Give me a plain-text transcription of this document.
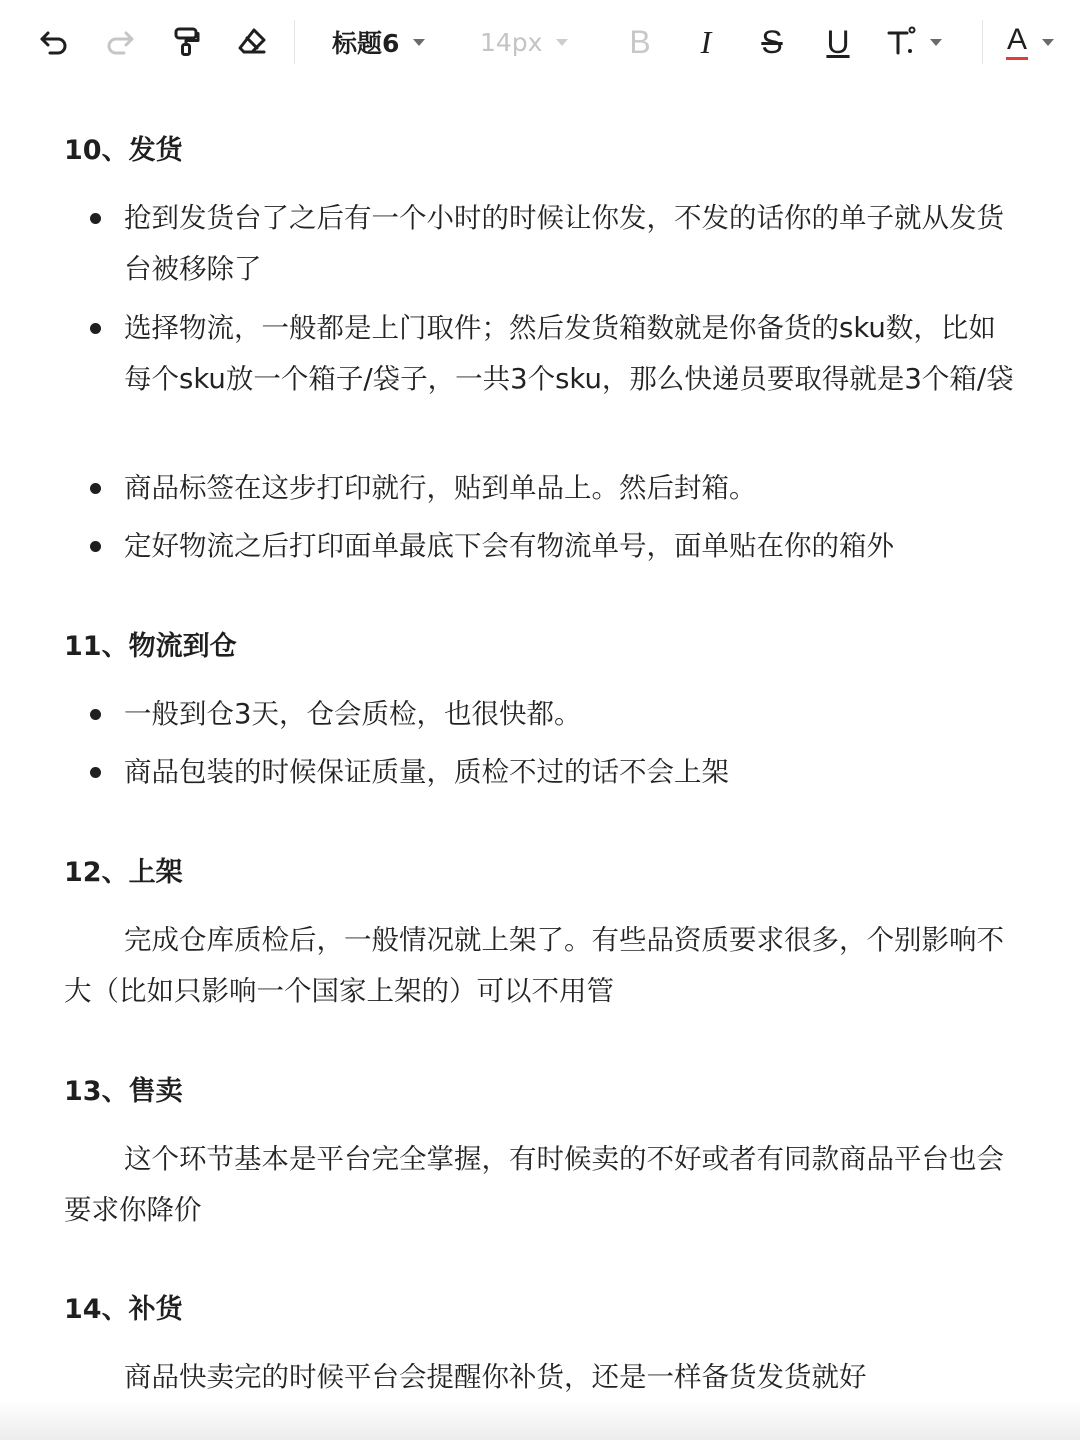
标题6	14px	B I S U	A
10、发货
抢到发货台了之后有一个小时的时候让你发，不发的话你的单子就从发货台被移除了
选择物流，一般都是上门取件；然后发货箱数就是你备货的sku数，比如每个sku放一个箱子/袋子，一共3个sku，那么快递员要取得就是3个箱/袋
商品标签在这步打印就行，贴到单品上。然后封箱。
定好物流之后打印面单最底下会有物流单号，面单贴在你的箱外
11、物流到仓
一般到仓3天，仓会质检，也很快都。
商品包装的时候保证质量，质检不过的话不会上架
12、上架
完成仓库质检后，一般情况就上架了。有些品资质要求很多，个别影响不大（比如只影响一个国家上架的）可以不用管
13、售卖
这个环节基本是平台完全掌握，有时候卖的不好或者有同款商品平台也会要求你降价
14、补货
商品快卖完的时候平台会提醒你补货，还是一样备货发货就好
